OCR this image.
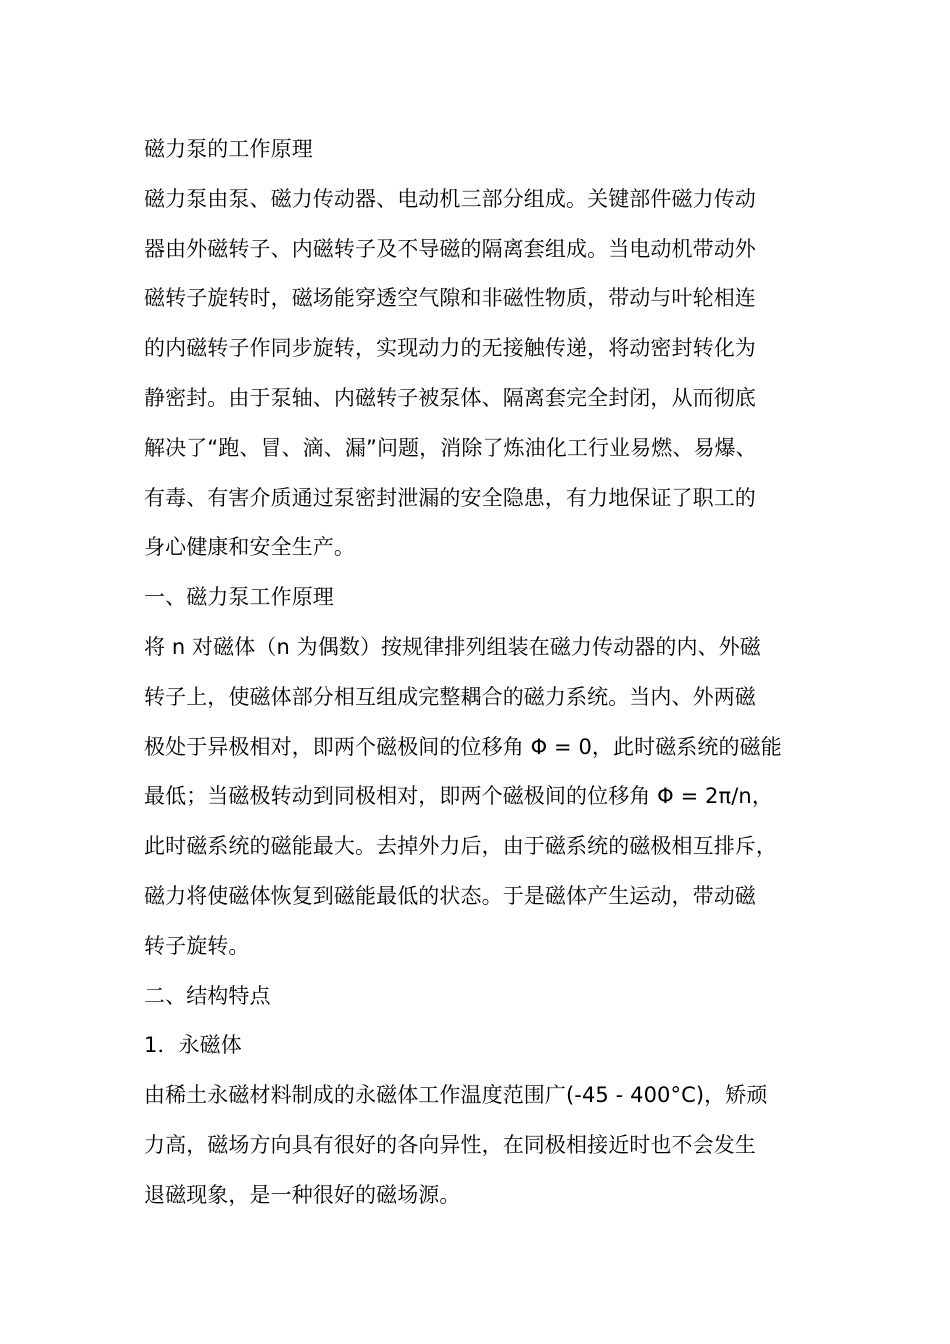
磁力泵的工作原理
磁力泵由泵、磁力传动器、电动机三部分组成。关键部件磁力传动
器由外磁转子、内磁转子及不导磁的隔离套组成。当电动机带动外
磁转子旋转时，磁场能穿透空气隙和非磁性物质，带动与叶轮相连
的内磁转子作同步旋转，实现动力的无接触传递，将动密封转化为
静密封。由于泵轴、内磁转子被泵体、隔离套完全封闭，从而彻底
解决了“跑、冒、滴、漏”问题，消除了炼油化工行业易燃、易爆、
有毒、有害介质通过泵密封泄漏的安全隐患，有力地保证了职工的
身心健康和安全生产。
一、磁力泵工作原理
将 n 对磁体（n 为偶数）按规律排列组装在磁力传动器的内、外磁
转子上，使磁体部分相互组成完整耦合的磁力系统。当内、外两磁
极处于异极相对，即两个磁极间的位移角 Φ = 0，此时磁系统的磁能
最低；当磁极转动到同极相对，即两个磁极间的位移角 Φ = 2π/n，
此时磁系统的磁能最大。去掉外力后，由于磁系统的磁极相互排斥，
磁力将使磁体恢复到磁能最低的状态。于是磁体产生运动，带动磁
转子旋转。
二、结构特点
1．永磁体
由稀土永磁材料制成的永磁体工作温度范围广(-45 - 400°C)，矫顽
力高，磁场方向具有很好的各向异性，在同极相接近时也不会发生
退磁现象，是一种很好的磁场源。
